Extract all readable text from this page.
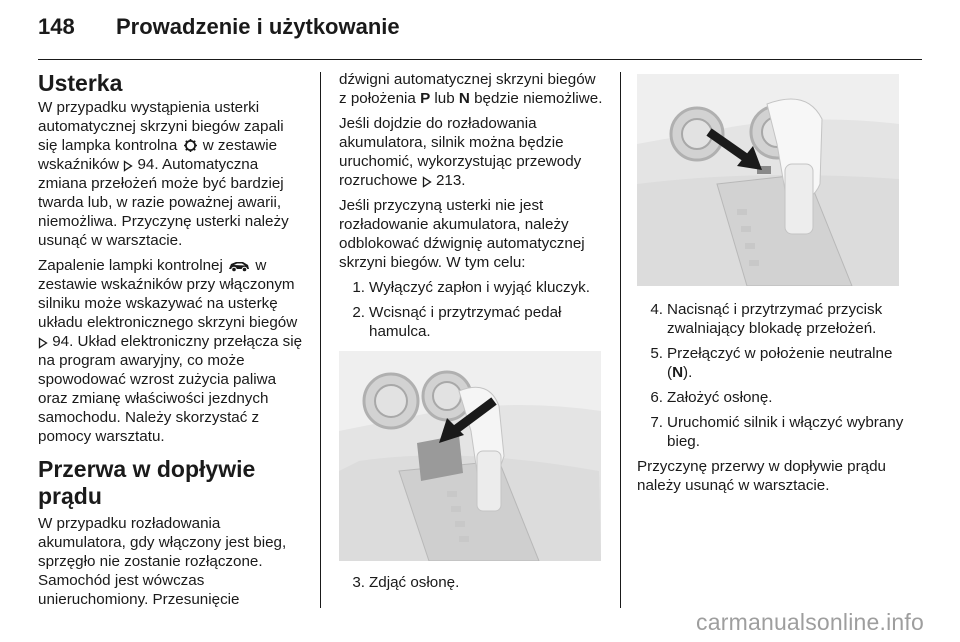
148 Prowadzenie i użytkowanie
Usterka

W przypadku wystąpienia usterki automatycznej skrzyni biegów zapali się lampka kontrolna  w zestawie wskaźników  94. Automatyczna zmiana przełożeń może być bardziej twarda lub, w razie poważnej awarii, niemożliwa. Przyczynę usterki należy usunąć w warsztacie.

Zapalenie lampki kontrolnej  w zestawie wskaźników przy włączonym silniku może wskazywać na usterkę układu elektronicznego skrzyni biegów  94. Układ elektroniczny przełącza się na program awaryjny, co może spowodować wzrost zużycia paliwa oraz zmianę właściwości jezdnych samochodu. Należy skorzystać z pomocy warsztatu.

Przerwa w dopływie prądu

W przypadku rozładowania akumulatora, gdy włączony jest bieg, sprzęgło nie zostanie rozłączone. Samochód jest wówczas unieruchomiony. Przesunięcie

dźwigni automatycznej skrzyni biegów z położenia P lub N będzie niemożliwe.

Jeśli dojdzie do rozładowania akumulatora, silnik można będzie uruchomić, wykorzystując przewody rozruchowe  213.

Jeśli przyczyną usterki nie jest rozładowanie akumulatora, należy odblokować dźwignię automatycznej skrzyni biegów. W tym celu:

1. Wyłączyć zapłon i wyjąć kluczyk.
2. Wcisnąć i przytrzymać pedał hamulca.
3. Zdjąć osłonę.
4. Nacisnąć i przytrzymać przycisk zwalniający blokadę przełożeń.
5. Przełączyć w położenie neutralne (N).
6. Założyć osłonę.
7. Uruchomić silnik i włączyć wybrany bieg.

Przyczynę przerwy w dopływie prądu należy usunąć w warsztacie.

carmanualsonline.info
